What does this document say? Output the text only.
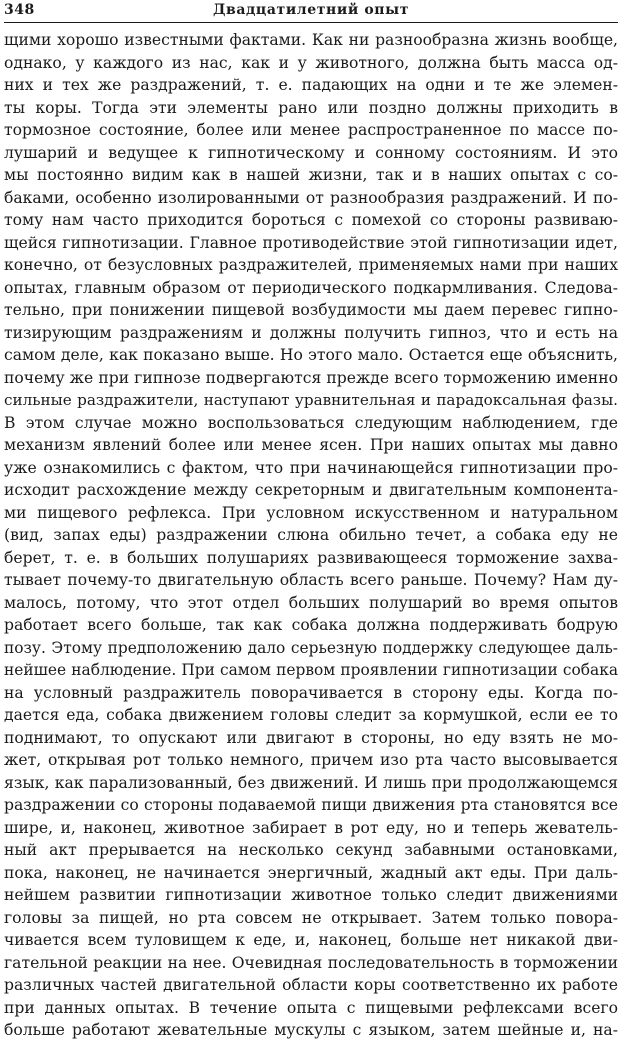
348	Двадцатилетний опыт
щими хорошо известными фактами. Как ни разнообразна жизнь вообще,
однако, у каждого из нас, как и у животного, должна быть масса од-
них и тех же раздражений, т. е. падающих на одни и те же элемен-
ты коры. Тогда эти элементы рано или поздно должны приходить в
тормозное состояние, более или менее распространенное по массе по-
лушарий и ведущее к гипнотическому и сонному состояниям. И это
мы постоянно видим как в нашей жизни, так и в наших опытах с со-
баками, особенно изолированными от разнообразия раздражений. И по-
тому нам часто приходится бороться с помехой со стороны развиваю-
щейся гипнотизации. Главное противодействие этой гипнотизации идет,
конечно, от безусловных раздражителей, применяемых нами при наших
опытах, главным образом от периодического подкармливания. Следова-
тельно, при понижении пищевой возбудимости мы даем перевес гипно-
тизирующим раздражениям и должны получить гипноз, что и есть на
самом деле, как показано выше. Но этого мало. Остается еще объяснить,
почему же при гипнозе подвергаются прежде всего торможению именно
сильные раздражители, наступают уравнительная и парадоксальная фазы.
В этом случае можно воспользоваться следующим наблюдением, где
механизм явлений более или менее ясен. При наших опытах мы давно
уже ознакомились с фактом, что при начинающейся гипнотизации про-
исходит расхождение между секреторным и двигательным компонента-
ми пищевого рефлекса. При условном искусственном и натуральном
(вид, запах еды) раздражении слюна обильно течет, а собака еду не
берет, т. е. в больших полушариях развивающееся торможение захва-
тывает почему-то двигательную область всего раньше. Почему? Нам ду-
малось, потому, что этот отдел больших полушарий во время опытов
работает всего больше, так как собака должна поддерживать бодрую
позу. Этому предположению дало серьезную поддержку следующее даль-
нейшее наблюдение. При самом первом проявлении гипнотизации собака
на условный раздражитель поворачивается в сторону еды. Когда по-
дается еда, собака движением головы следит за кормушкой, если ее то
поднимают, то опускают или двигают в стороны, но еду взять не мо-
жет, открывая рот только немного, причем изо рта часто высовывается
язык, как парализованный, без движений. И лишь при продолжающемся
раздражении со стороны подаваемой пищи движения рта становятся все
шире, и, наконец, животное забирает в рот еду, но и теперь жеватель-
ный акт прерывается на несколько секунд забавными остановками,
пока, наконец, не начинается энергичный, жадный акт еды. При даль-
нейшем развитии гипнотизации животное только следит движениями
головы за пищей, но рта совсем не открывает. Затем только повора-
чивается всем туловищем к еде, и, наконец, больше нет никакой дви-
гательной реакции на нее. Очевидная последовательность в торможении
различных частей двигательной области коры соответственно их работе
при данных опытах. В течение опыта с пищевыми рефлексами всего
больше работают жевательные мускулы с языком, затем шейные и, на-
